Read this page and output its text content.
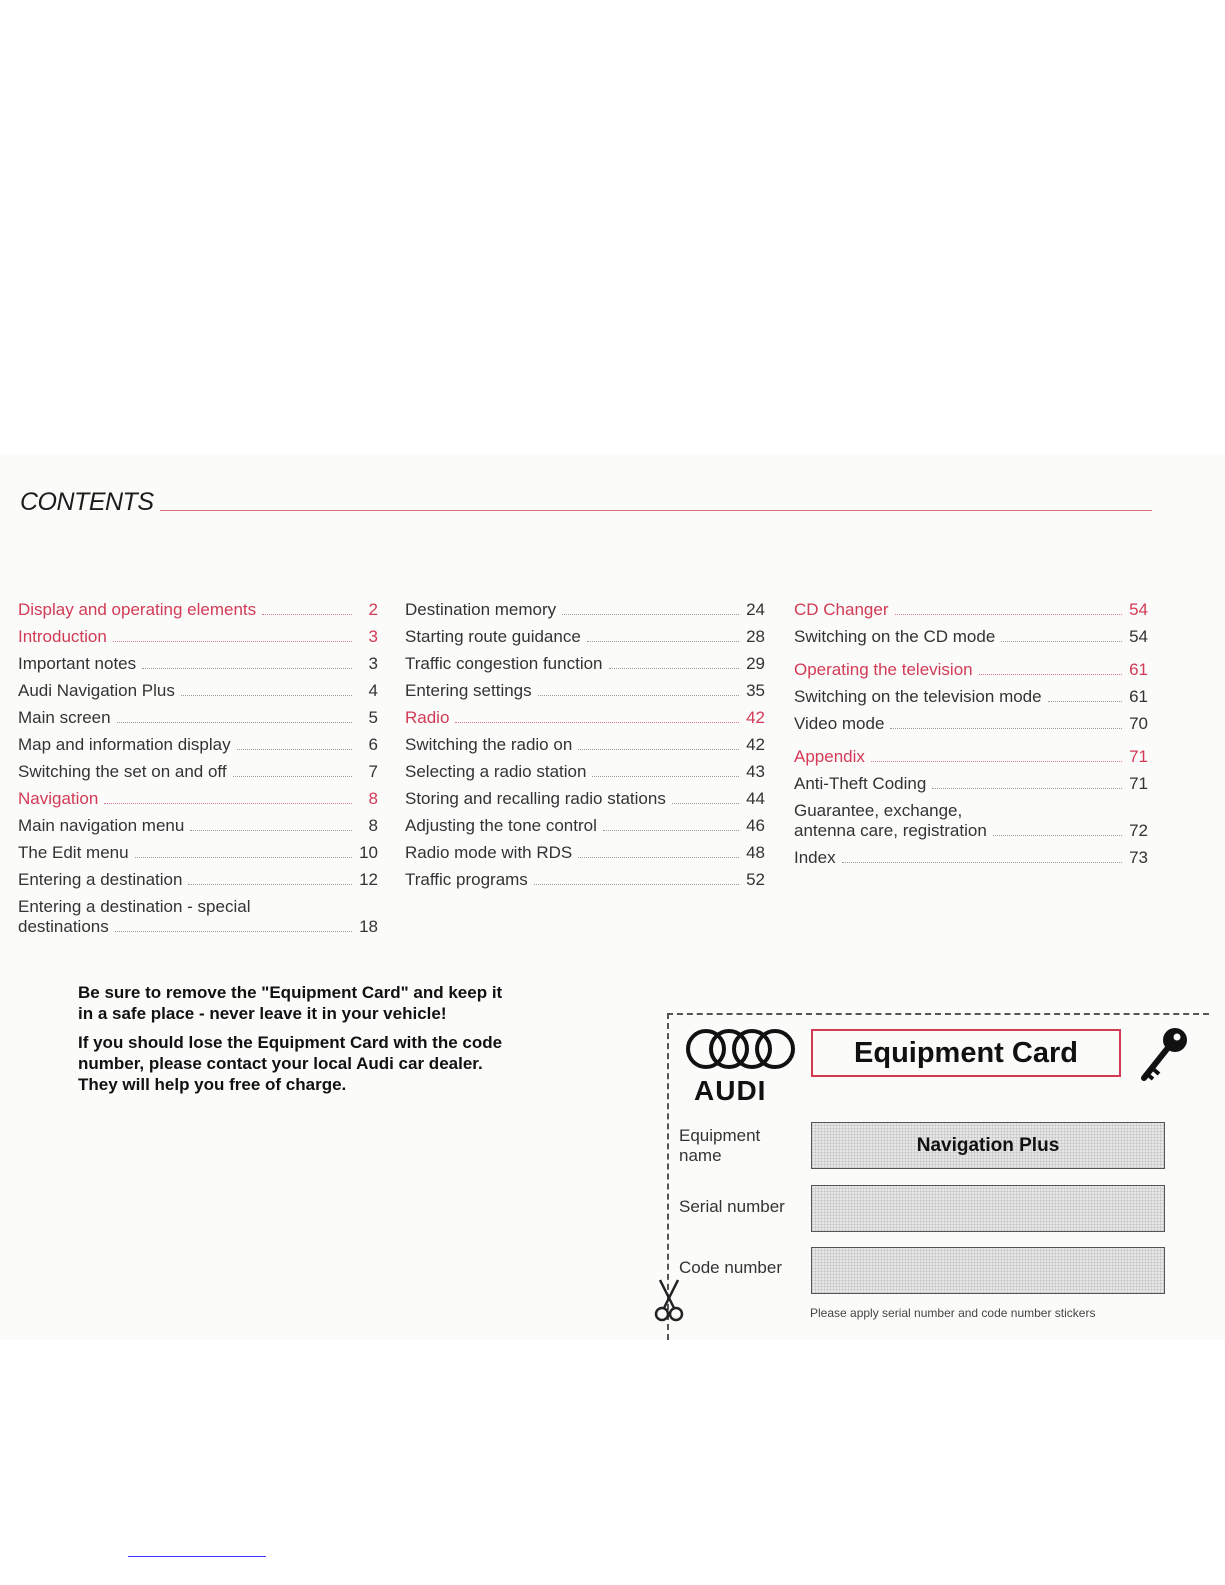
CONTENTS
Display and operating elements	2
Introduction	3
Important notes	3
Audi Navigation Plus	4
Main screen	5
Map and information display	6
Switching the set on and off	7
Navigation	8
Main navigation menu	8
The Edit menu	10
Entering a destination	12
Entering a destination - special
destinations	18
Destination memory	24
Starting route guidance	28
Traffic congestion function	29
Entering settings	35
Radio	42
Switching the radio on	42
Selecting a radio station	43
Storing and recalling radio stations	44
Adjusting the tone control	46
Radio mode with RDS	48
Traffic programs	52
CD Changer	54
Switching on the CD mode	54
Operating the television	61
Switching on the television mode	61
Video mode	70
Appendix	71
Anti-Theft Coding	71
Guarantee, exchange,
antenna care, registration	72
Index	73

Be sure to remove the "Equipment Card" and keep it in a safe place - never leave it in your vehicle!

If you should lose the Equipment Card with the code number, please contact your local Audi car dealer. They will help you free of charge.	AUDI
Equipment Card
Equipment
name	Navigation Plus
Serial number
Code number
Please apply serial number and code number stickers
